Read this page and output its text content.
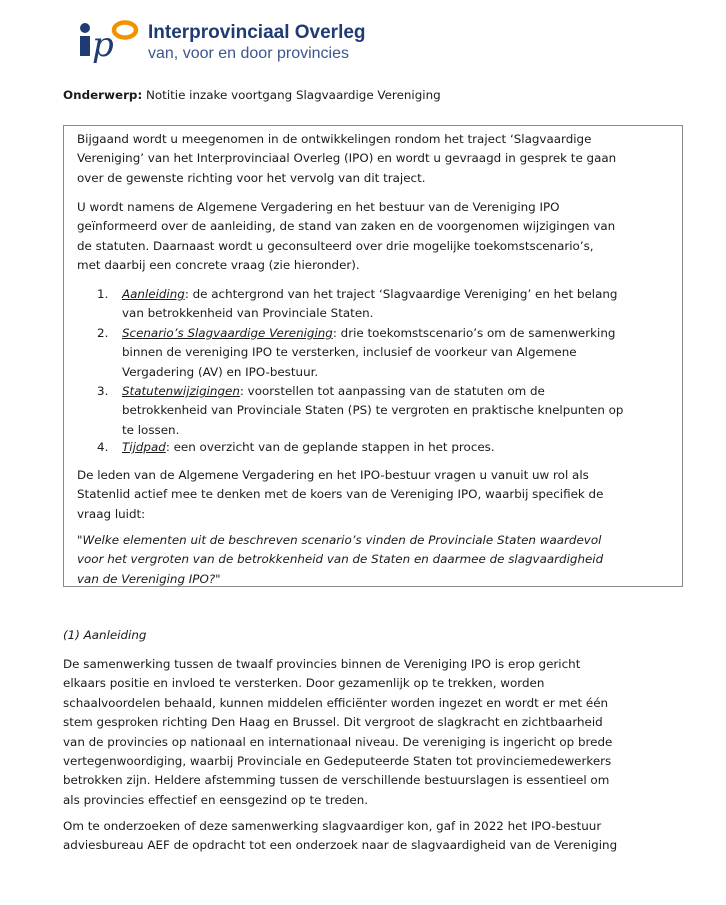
p Interprovinciaal Overleg
van, voor en door provincies
Onderwerp: Notitie inzake voortgang Slagvaardige Vereniging
Bijgaand wordt u meegenomen in de ontwikkelingen rondom het traject ‘Slagvaardige
Vereniging’ van het Interprovinciaal Overleg (IPO) en wordt u gevraagd in gesprek te gaan
over de gewenste richting voor het vervolg van dit traject.
U wordt namens de Algemene Vergadering en het bestuur van de Vereniging IPO
geïnformeerd over de aanleiding, de stand van zaken en de voorgenomen wijzigingen van
de statuten. Daarnaast wordt u geconsulteerd over drie mogelijke toekomstscenario’s,
met daarbij een concrete vraag (zie hieronder).
1. Aanleiding: de achtergrond van het traject ‘Slagvaardige Vereniging’ en het belang
van betrokkenheid van Provinciale Staten.
2. Scenario’s Slagvaardige Vereniging: drie toekomstscenario’s om de samenwerking
binnen de vereniging IPO te versterken, inclusief de voorkeur van Algemene
Vergadering (AV) en IPO-bestuur.
3. Statutenwijzigingen: voorstellen tot aanpassing van de statuten om de
betrokkenheid van Provinciale Staten (PS) te vergroten en praktische knelpunten op
te lossen.
4. Tijdpad: een overzicht van de geplande stappen in het proces.
De leden van de Algemene Vergadering en het IPO-bestuur vragen u vanuit uw rol als
Statenlid actief mee te denken met de koers van de Vereniging IPO, waarbij specifiek de
vraag luidt:
"Welke elementen uit de beschreven scenario’s vinden de Provinciale Staten waardevol
voor het vergroten van de betrokkenheid van de Staten en daarmee de slagvaardigheid
van de Vereniging IPO?"
(1) Aanleiding
De samenwerking tussen de twaalf provincies binnen de Vereniging IPO is erop gericht
elkaars positie en invloed te versterken. Door gezamenlijk op te trekken, worden
schaalvoordelen behaald, kunnen middelen efficiënter worden ingezet en wordt er met één
stem gesproken richting Den Haag en Brussel. Dit vergroot de slagkracht en zichtbaarheid
van de provincies op nationaal en internationaal niveau. De vereniging is ingericht op brede
vertegenwoordiging, waarbij Provinciale en Gedeputeerde Staten tot provinciemedewerkers
betrokken zijn. Heldere afstemming tussen de verschillende bestuurslagen is essentieel om
als provincies effectief en eensgezind op te treden.
Om te onderzoeken of deze samenwerking slagvaardiger kon, gaf in 2022 het IPO-bestuur
adviesbureau AEF de opdracht tot een onderzoek naar de slagvaardigheid van de Vereniging
